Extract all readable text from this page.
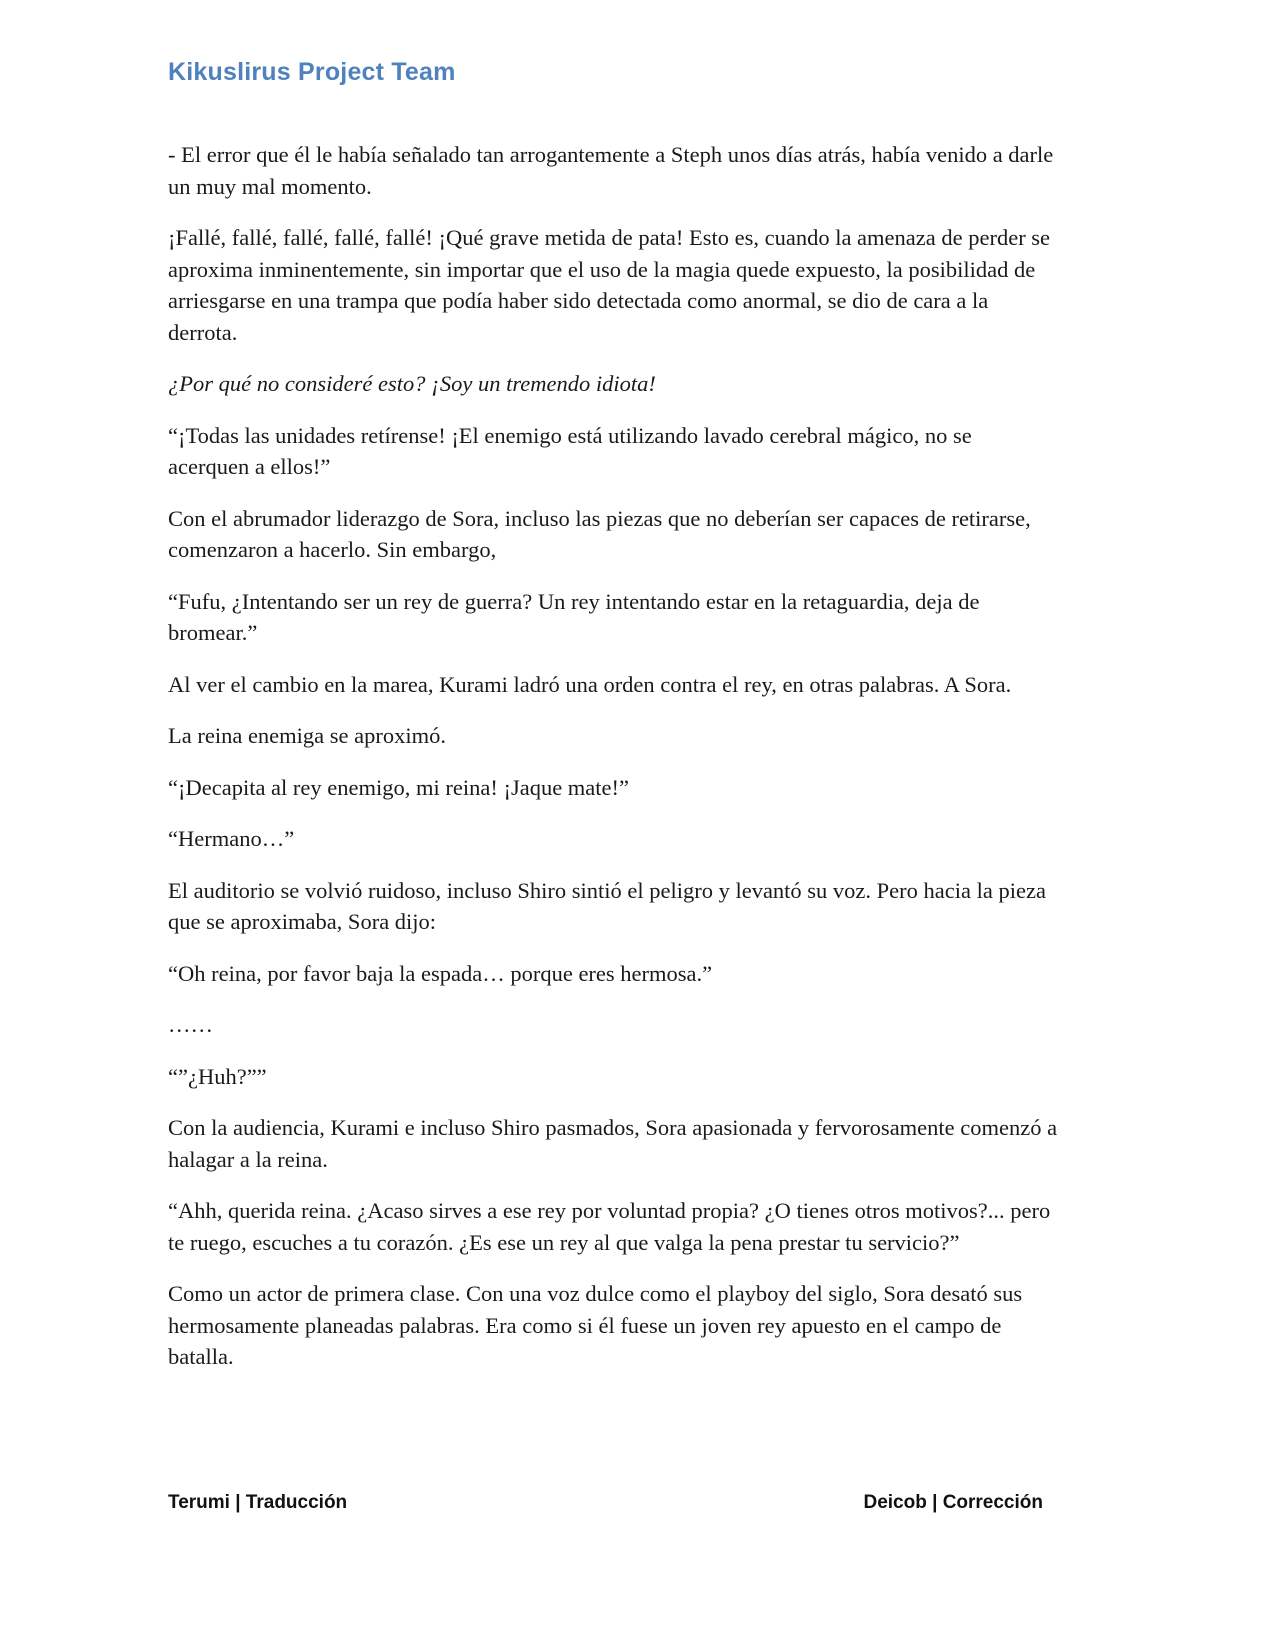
Kikuslirus Project Team

- El error que él le había señalado tan arrogantemente a Steph unos días atrás, había venido a darle un muy mal momento.

¡Fallé, fallé, fallé, fallé, fallé! ¡Qué grave metida de pata! Esto es, cuando la amenaza de perder se aproxima inminentemente, sin importar que el uso de la magia quede expuesto, la posibilidad de arriesgarse en una trampa que podía haber sido detectada como anormal, se dio de cara a la derrota.

¿Por qué no consideré esto? ¡Soy un tremendo idiota!

“¡Todas las unidades retírense! ¡El enemigo está utilizando lavado cerebral mágico, no se acerquen a ellos!”

Con el abrumador liderazgo de Sora, incluso las piezas que no deberían ser capaces de retirarse, comenzaron a hacerlo. Sin embargo,

“Fufu, ¿Intentando ser un rey de guerra? Un rey intentando estar en la retaguardia, deja de bromear.”

Al ver el cambio en la marea, Kurami ladró una orden contra el rey, en otras palabras. A Sora.

La reina enemiga se aproximó.

“¡Decapita al rey enemigo, mi reina! ¡Jaque mate!”

“Hermano…”

El auditorio se volvió ruidoso, incluso Shiro sintió el peligro y levantó su voz. Pero hacia la pieza que se aproximaba, Sora dijo:

“Oh reina, por favor baja la espada… porque eres hermosa.”

……

“”¿Huh?””

Con la audiencia, Kurami e incluso Shiro pasmados, Sora apasionada y fervorosamente comenzó a halagar a la reina.

“Ahh, querida reina. ¿Acaso sirves a ese rey por voluntad propia? ¿O tienes otros motivos?... pero te ruego, escuches a tu corazón. ¿Es ese un rey al que valga la pena prestar tu servicio?”

Como un actor de primera clase. Con una voz dulce como el playboy del siglo, Sora desató sus hermosamente planeadas palabras. Era como si él fuese un joven rey apuesto en el campo de batalla.

Terumi | Traducción	Deicob | Corrección
